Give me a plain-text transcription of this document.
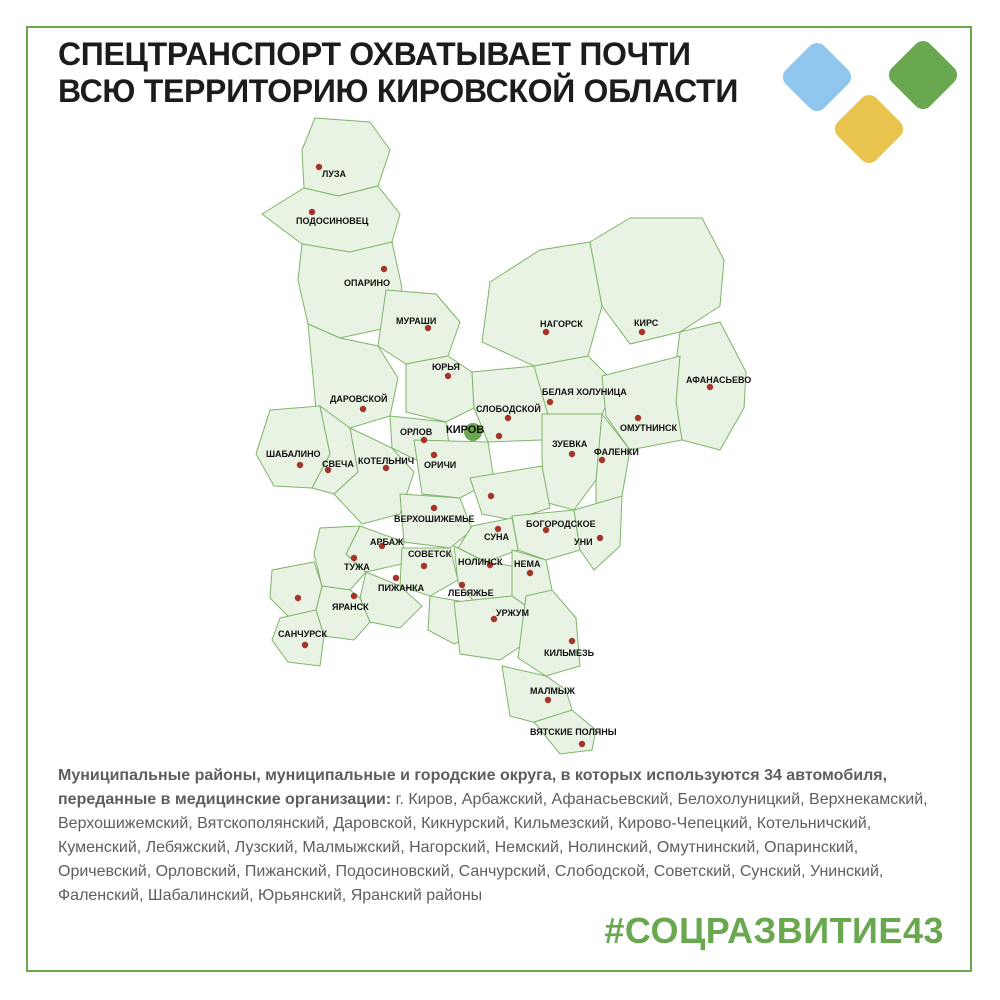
СПЕЦТРАНСПОРТ ОХВАТЫВАЕТ ПОЧТИ
ВСЮ ТЕРРИТОРИЮ КИРОВСКОЙ ОБЛАСТИ
ЛУЗА
ПОДОСИНОВЕЦ
ОПАРИНО
МУРАШИ	НАГОРСК	КИРС
ЮРЬЯ
АФАНАСЬЕВО
БЕЛАЯ ХОЛУНИЦА
ДАРОВСКОЙ
СЛОБОДСКОЙ
ОМУТНИНСК
ОРЛОВ
ЗУЕВКА
ШАБАЛИНО	ФАЛЕНКИ
СВЕЧА КОТЕЛЬНИЧ ОРИЧИ
ВЕРХОШИЖЕМЬЕ	БОГОРОДСКОЕ
АРБАЖ	СУНА	УНИ
СОВЕТСК
ТУЖА	НОЛИНСК НЕМА
ПИЖАНКА	ЛЕБЯЖЬЕ
ЯРАНСК
УРЖУМ
САНЧУРСК
КИЛЬМЕЗЬ
МАЛМЫЖ
ВЯТСКИЕ ПОЛЯНЫ
КИРОВ

Муниципальные районы, муниципальные и городские округа, в которых используются 34 автомобиля, переданные в медицинские организации: г. Киров, Арбажский, Афанасьевский, Белохолуницкий, Верхнекамский, Верхошижемский, Вятскополянский, Даровской, Кикнурский, Кильмезский, Кирово-Чепецкий, Котельничский, Куменский, Лебяжский, Лузский, Малмыжский, Нагорский, Немский, Нолинский, Омутнинский, Опаринский, Оричевский, Орловский, Пижанский, Подосиновский, Санчурский, Слободской, Советский, Сунский, Унинский, Фаленский, Шабалинский, Юрьянский, Яранский районы

#СОЦРАЗВИТИЕ43
